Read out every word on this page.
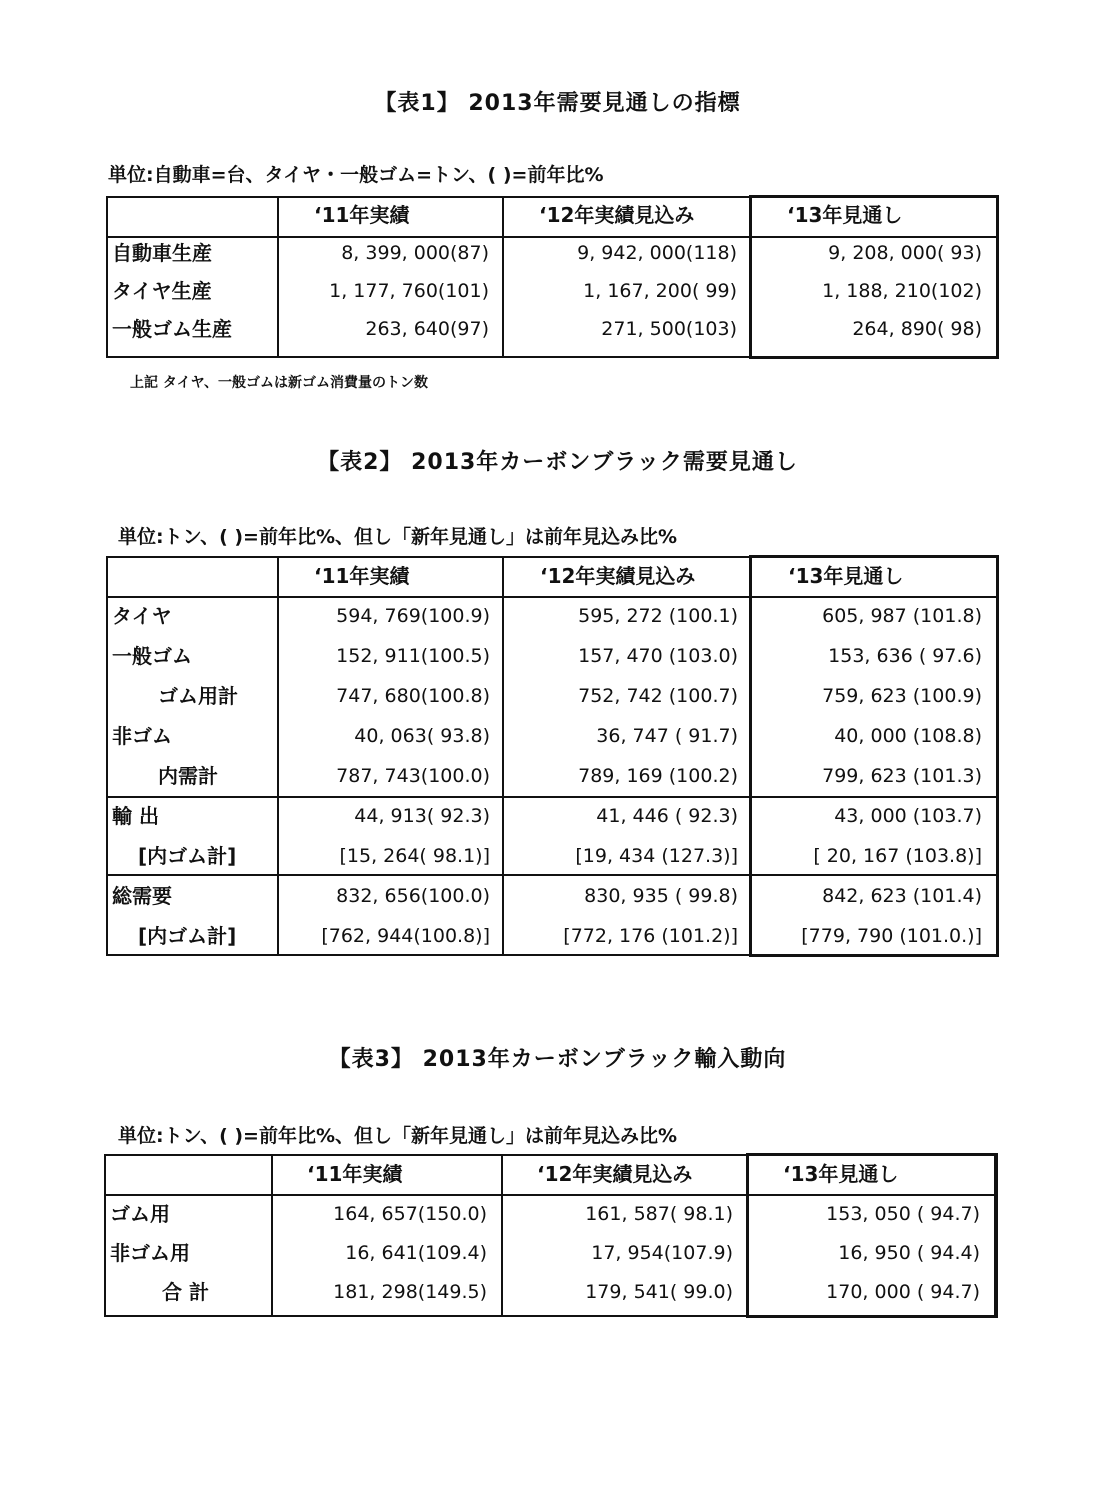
【表1】 2013年需要見通しの指標
単位:自動車=台、タイヤ・一般ゴム=トン、( )=前年比%
	‘11年実績	‘12年実績見込み	‘13年見通し
自動車生産	8, 399, 000(87)	9, 942, 000(118)	9, 208, 000( 93)
タイヤ生産	1, 177, 760(101)	1, 167, 200( 99)	1, 188, 210(102)
一般ゴム生産	263, 640(97)	271, 500(103)	264, 890( 98)
上記 タイヤ、一般ゴムは新ゴム消費量のトン数
【表2】 2013年カーボンブラック需要見通し
単位:トン、( )=前年比%、但し「新年見通し」は前年見込み比%
	‘11年実績	‘12年実績見込み	‘13年見通し
タイヤ	594, 769(100.9)	595, 272 (100.1)	605, 987 (101.8)
一般ゴム	152, 911(100.5)	157, 470 (103.0)	153, 636 ( 97.6)
ゴム用計	747, 680(100.8)	752, 742 (100.7)	759, 623 (100.9)
非ゴム	40, 063( 93.8)	36, 747 ( 91.7)	40, 000 (108.8)
内需計	787, 743(100.0)	789, 169 (100.2)	799, 623 (101.3)
輸 出	44, 913( 92.3)	41, 446 ( 92.3)	43, 000 (103.7)
[内ゴム計]	[15, 264( 98.1)]	[19, 434 (127.3)]	[ 20, 167 (103.8)]
総需要	832, 656(100.0)	830, 935 ( 99.8)	842, 623 (101.4)
[内ゴム計]	[762, 944(100.8)]	[772, 176 (101.2)]	[779, 790 (101.0.)]
【表3】 2013年カーボンブラック輸入動向
単位:トン、( )=前年比%、但し「新年見通し」は前年見込み比%
	‘11年実績	‘12年実績見込み	‘13年見通し
ゴム用	164, 657(150.0)	161, 587( 98.1)	153, 050 ( 94.7)
非ゴム用	16, 641(109.4)	17, 954(107.9)	16, 950 ( 94.4)
合 計	181, 298(149.5)	179, 541( 99.0)	170, 000 ( 94.7)
